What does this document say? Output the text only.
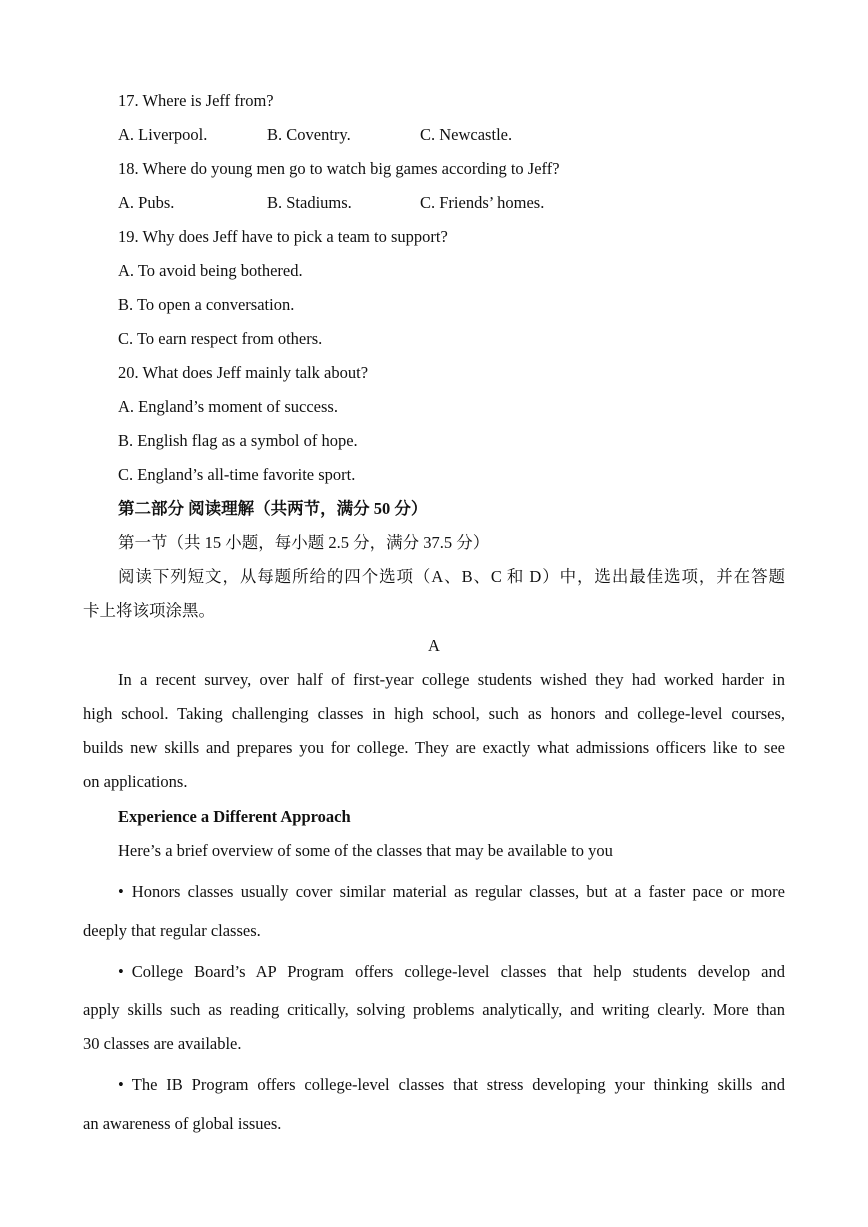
17. Where is Jeff from?
A. Liverpool.	B. Coventry.	C. Newcastle.
18. Where do young men go to watch big games according to Jeff?
A. Pubs.	B. Stadiums.	C. Friends’ homes.
19. Why does Jeff have to pick a team to support?
A. To avoid being bothered.
B. To open a conversation.
C. To earn respect from others.
20. What does Jeff mainly talk about?
A. England’s moment of success.
B. English flag as a symbol of hope.
C. England’s all-time favorite sport.
第二部分 阅读理解（共两节，满分 50 分）
第一节（共 15 小题，每小题 2.5 分，满分 37.5 分）
阅读下列短文，从每题所给的四个选项（A、B、C 和 D）中，选出最佳选项，并在答题
卡上将该项涂黑。
A
In a recent survey, over half of first-year college students wished they had worked harder in
high school. Taking challenging classes in high school, such as honors and college-level courses,
builds new skills and prepares you for college. They are exactly what admissions officers like to see
on applications.
Experience a Different Approach
Here’s a brief overview of some of the classes that may be available to you
• Honors classes usually cover similar material as regular classes, but at a faster pace or more
deeply that regular classes.
• College Board’s AP Program offers college-level classes that help students develop and
apply skills such as reading critically, solving problems analytically, and writing clearly. More than
30 classes are available.
• The IB Program offers college-level classes that stress developing your thinking skills and
an awareness of global issues.
